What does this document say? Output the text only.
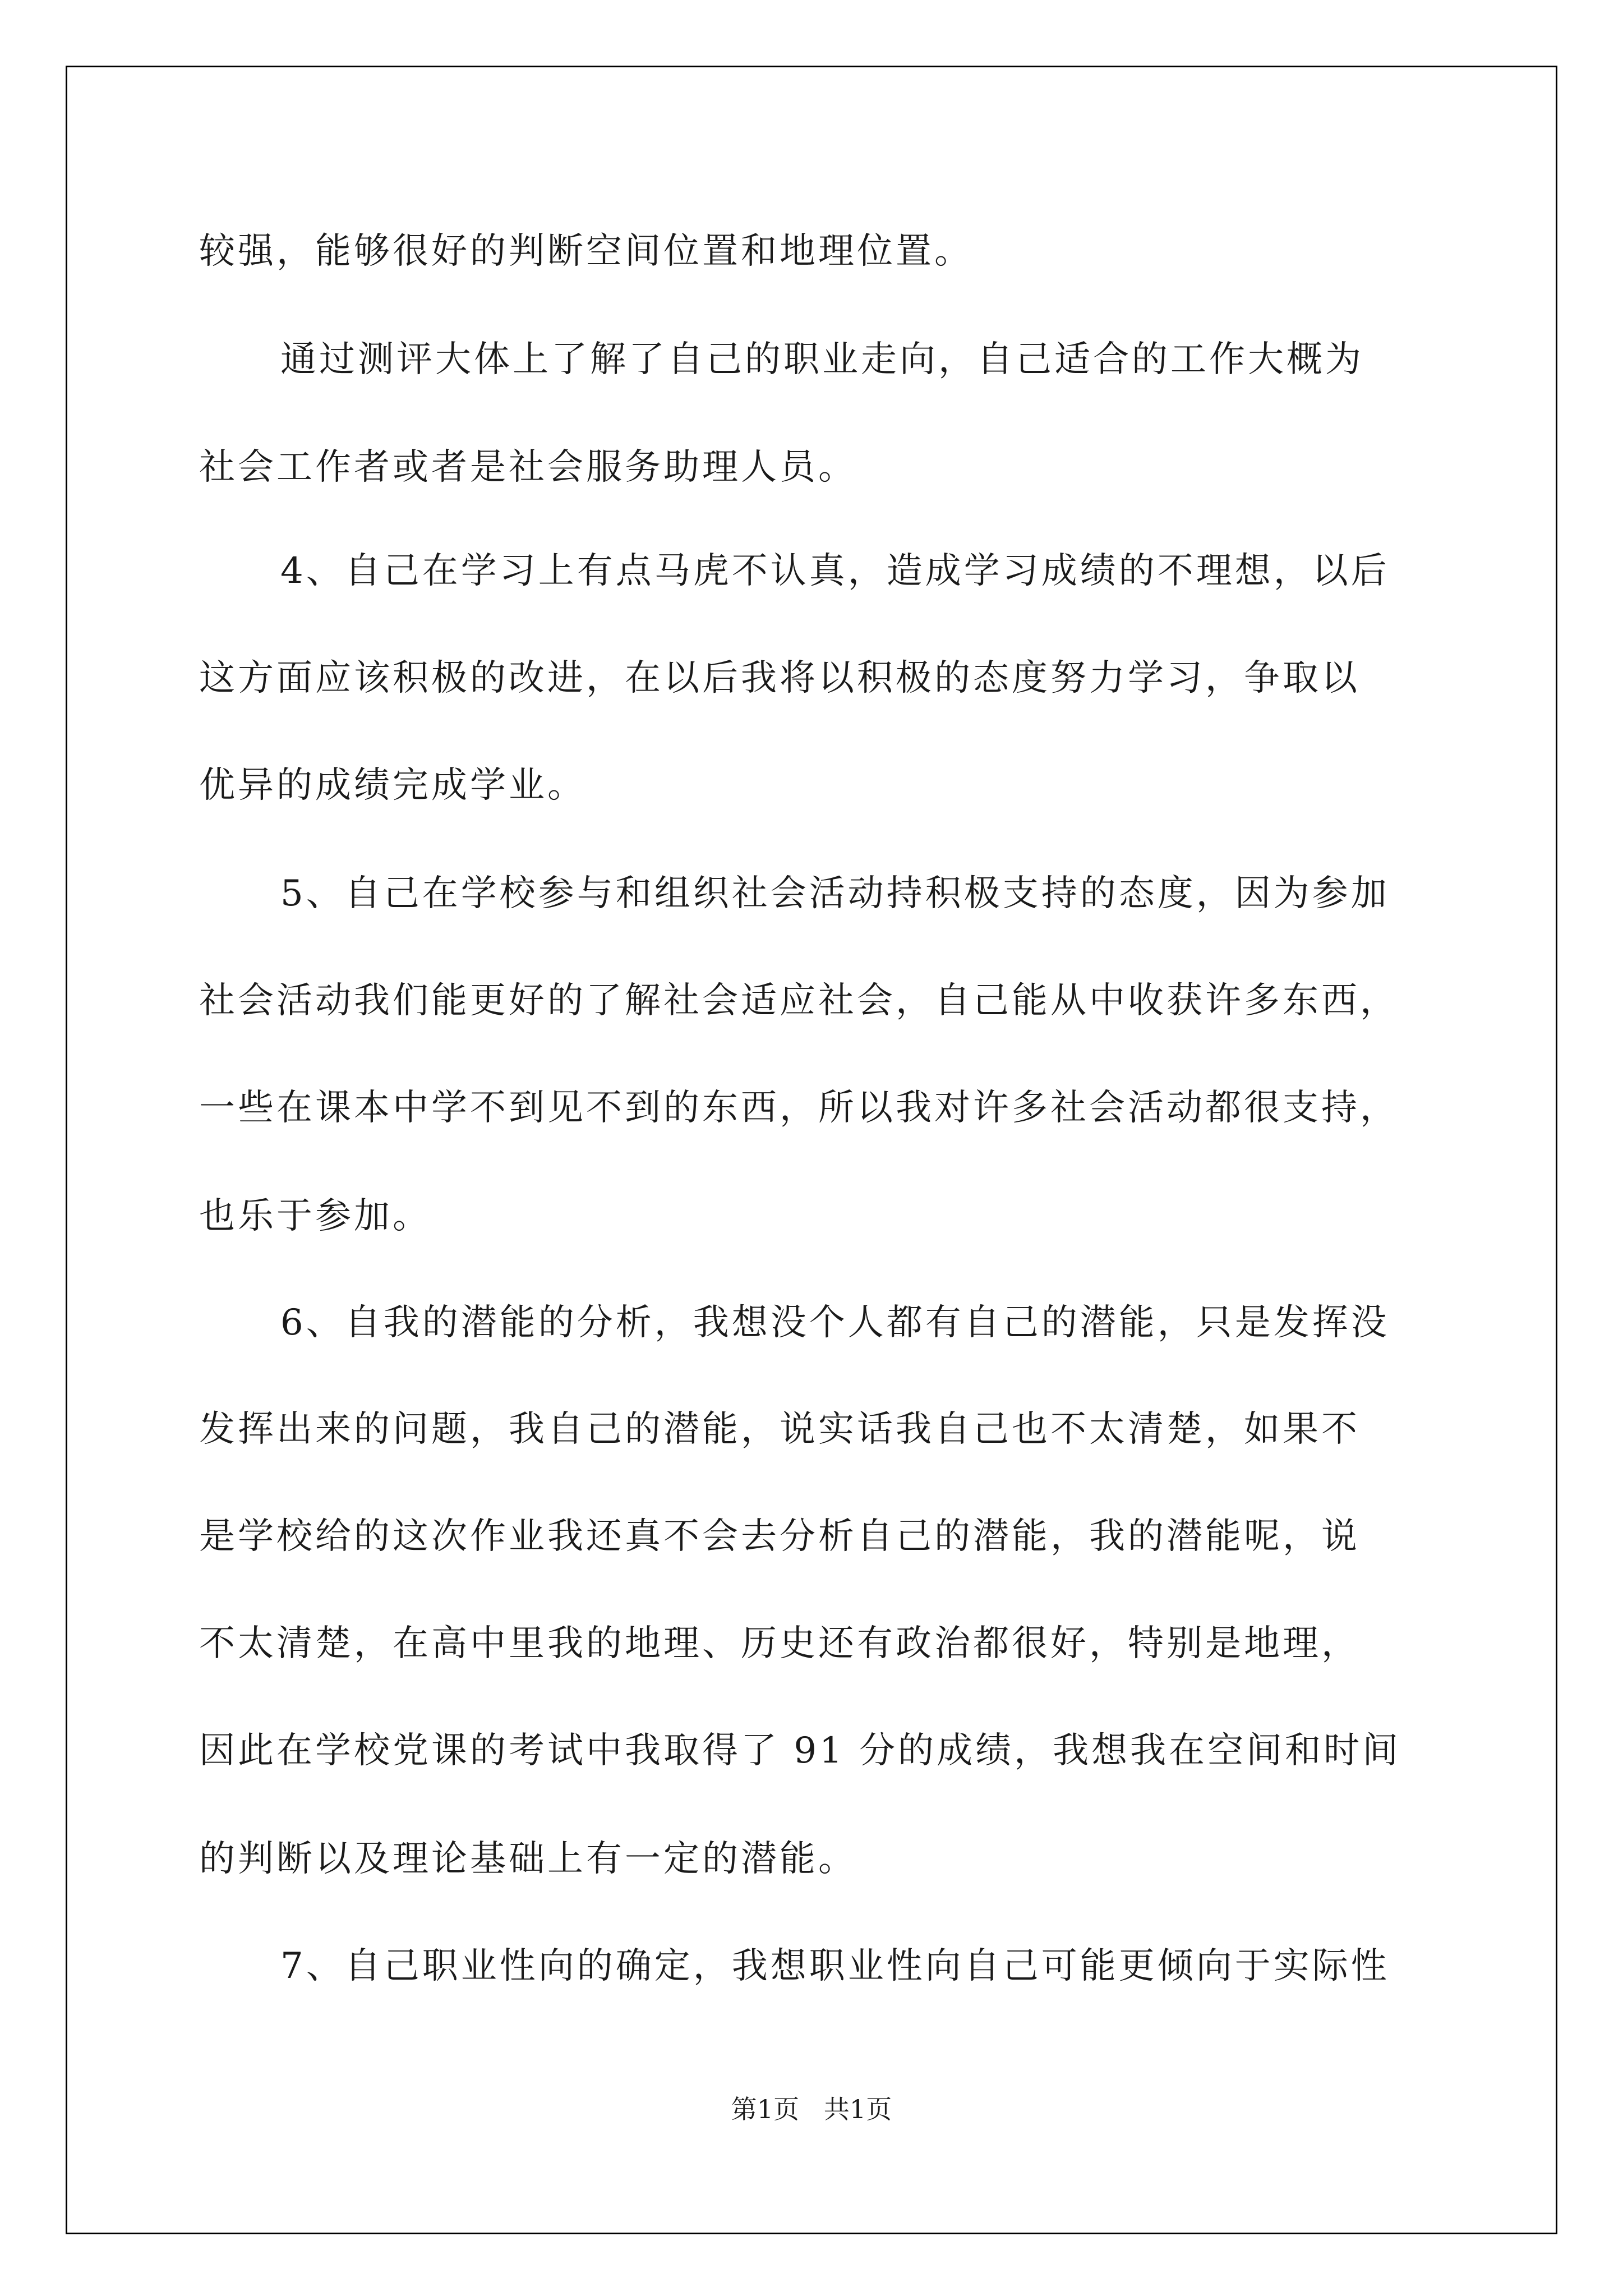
较强，能够很好的判断空间位置和地理位置。
通过测评大体上了解了自己的职业走向，自己适合的工作大概为
社会工作者或者是社会服务助理人员。
4、自己在学习上有点马虎不认真，造成学习成绩的不理想，以后
这方面应该积极的改进，在以后我将以积极的态度努力学习，争取以
优异的成绩完成学业。
5、自己在学校参与和组织社会活动持积极支持的态度，因为参加
社会活动我们能更好的了解社会适应社会，自己能从中收获许多东西，
一些在课本中学不到见不到的东西，所以我对许多社会活动都很支持，
也乐于参加。
6、自我的潜能的分析，我想没个人都有自己的潜能，只是发挥没
发挥出来的问题，我自己的潜能，说实话我自己也不太清楚，如果不
是学校给的这次作业我还真不会去分析自己的潜能，我的潜能呢，说
不太清楚，在高中里我的地理、历史还有政治都很好，特别是地理，
因此在学校党课的考试中我取得了 91 分的成绩，我想我在空间和时间
的判断以及理论基础上有一定的潜能。
7、自己职业性向的确定，我想职业性向自己可能更倾向于实际性
第1页   共1页
